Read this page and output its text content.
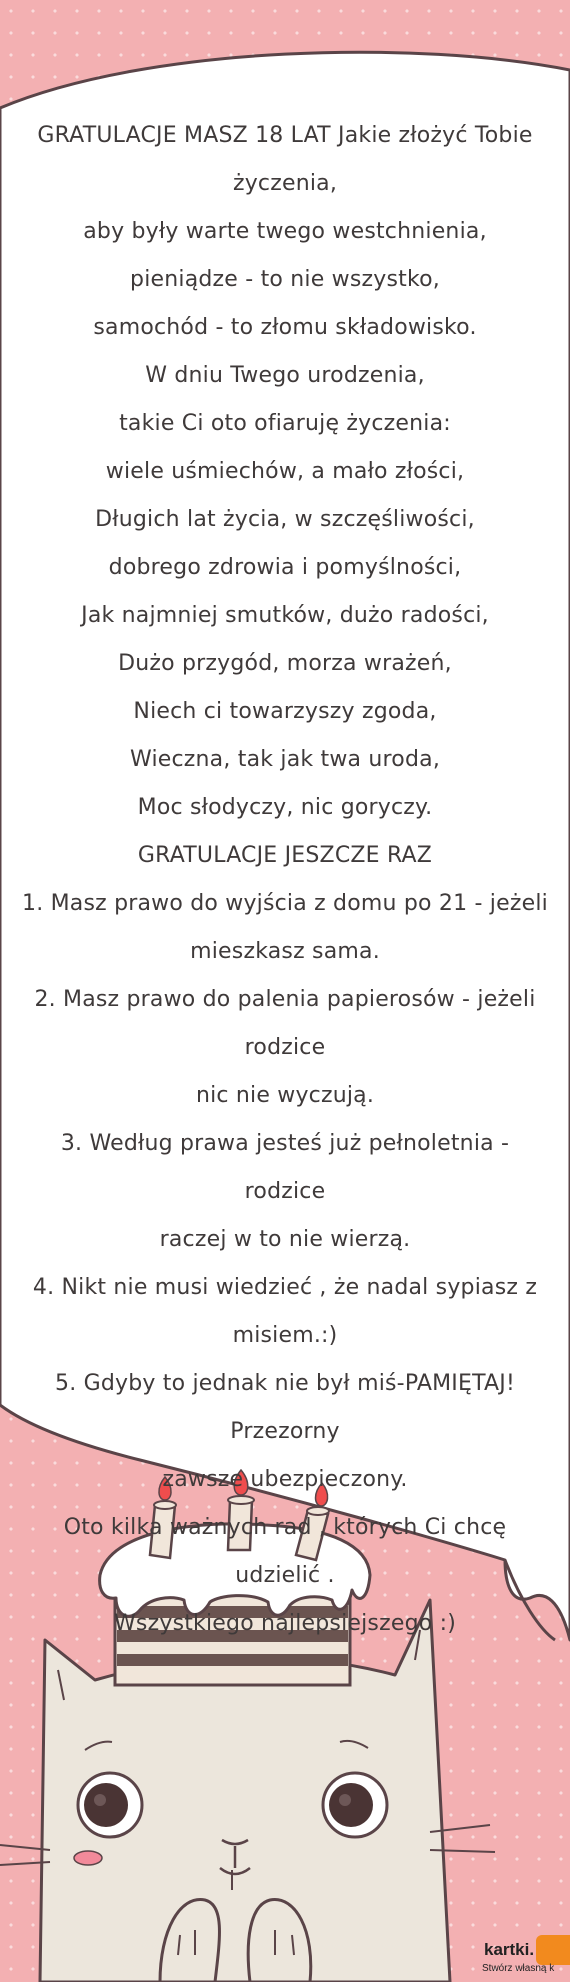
GRATULACJE MASZ 18 LAT Jakie złożyć Tobie

życzenia,

aby były warte twego westchnienia,

pieniądze - to nie wszystko,

samochód - to złomu składowisko.

W dniu Twego urodzenia,

takie Ci oto ofiaruję życzenia:

wiele uśmiechów, a mało złości,

Długich lat życia, w szczęśliwości,

dobrego zdrowia i pomyślności,

Jak najmniej smutków, dużo radości,

Dużo przygód, morza wrażeń,

Niech ci towarzyszy zgoda,

Wieczna, tak jak twa uroda,

Moc słodyczy, nic goryczy.

GRATULACJE JESZCZE RAZ

1. Masz prawo do wyjścia z domu po 21 - jeżeli

mieszkasz sama.

2. Masz prawo do palenia papierosów - jeżeli rodzice

nic nie wyczują.

3. Według prawa jesteś już pełnoletnia - rodzice

raczej w to nie wierzą.

4. Nikt nie musi wiedzieć , że nadal sypiasz z

misiem.:)

5. Gdyby to jednak nie był miś-PAMIĘTAJ! Przezorny

zawsze ubezpieczony.

Oto kilka ważnych rad , których Ci chcę udzielić .

Wszystkiego najlepsiejszego :)

kartki.
Stwórz własną k
